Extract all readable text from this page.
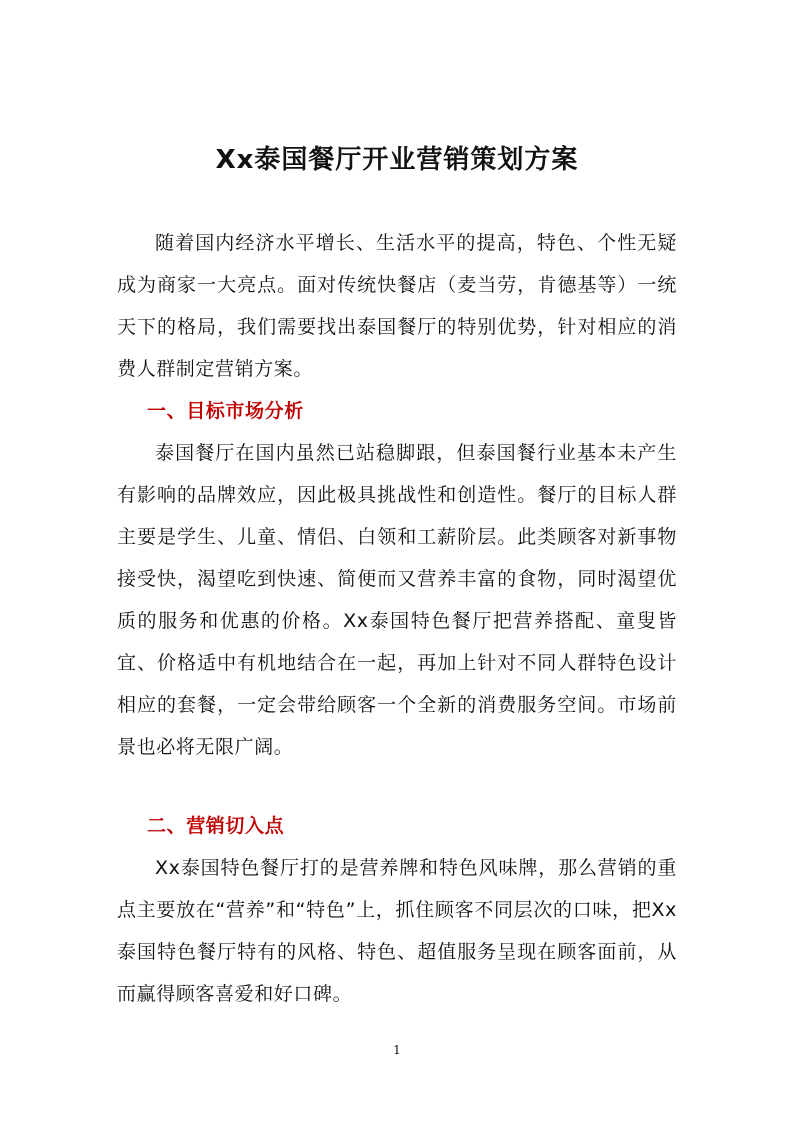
Xx泰国餐厅开业营销策划方案

随着国内经济水平增长、生活水平的提高，特色、个性无疑成为商家一大亮点。面对传统快餐店（麦当劳，肯德基等）一统天下的格局，我们需要找出泰国餐厅的特别优势，针对相应的消费人群制定营销方案。

一、目标市场分析

泰国餐厅在国内虽然已站稳脚跟，但泰国餐行业基本未产生有影响的品牌效应，因此极具挑战性和创造性。餐厅的目标人群主要是学生、儿童、情侣、白领和工薪阶层。此类顾客对新事物接受快，渴望吃到快速、简便而又营养丰富的食物，同时渴望优质的服务和优惠的价格。Xx泰国特色餐厅把营养搭配、童叟皆宜、价格适中有机地结合在一起，再加上针对不同人群特色设计相应的套餐，一定会带给顾客一个全新的消费服务空间。市场前景也必将无限广阔。

二、营销切入点

Xx泰国特色餐厅打的是营养牌和特色风味牌，那么营销的重点主要放在“营养”和“特色”上，抓住顾客不同层次的口味，把Xx泰国特色餐厅特有的风格、特色、超值服务呈现在顾客面前，从而赢得顾客喜爱和好口碑。

1
